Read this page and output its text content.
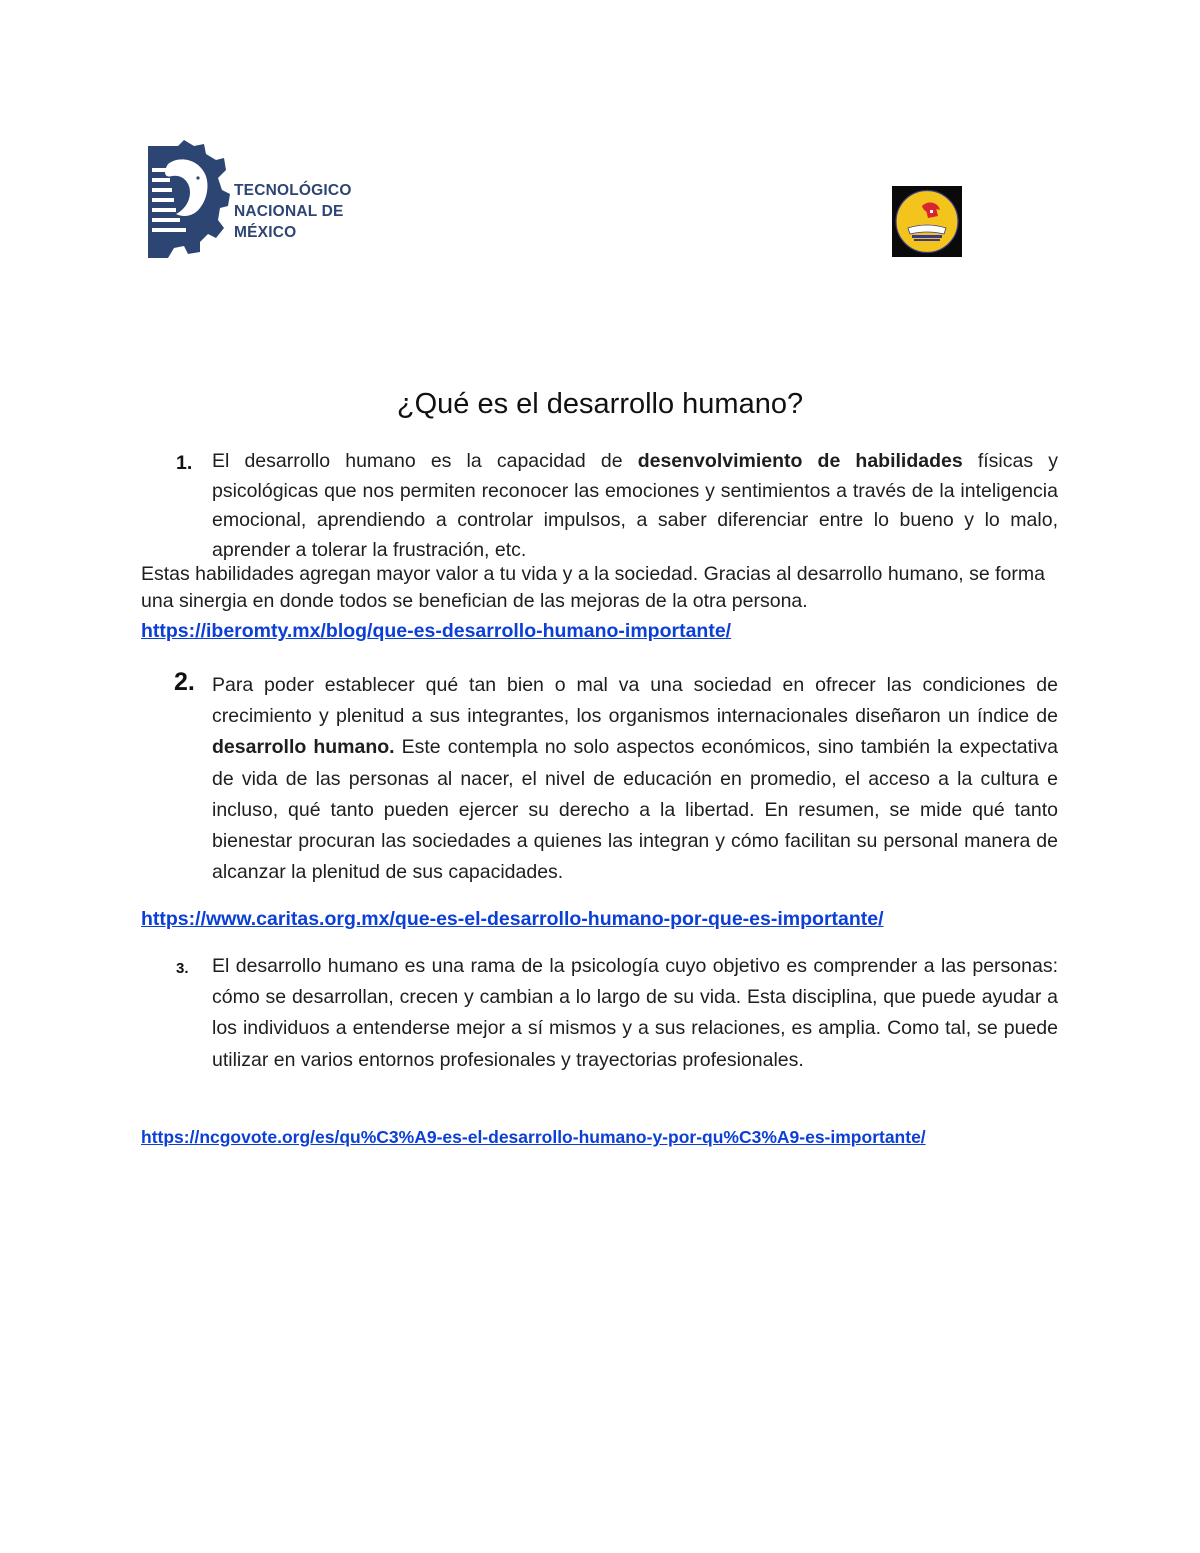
TECNOLÓGICO
NACIONAL DE MÉXICO
¿Qué es el desarrollo humano?
1. El desarrollo humano es la capacidad de desenvolvimiento de habilidades físicas y psicológicas que nos permiten reconocer las emociones y sentimientos a través de la inteligencia emocional, aprendiendo a controlar impulsos, a saber diferenciar entre lo bueno y lo malo, aprender a tolerar la frustración, etc.

Estas habilidades agregan mayor valor a tu vida y a la sociedad. Gracias al desarrollo humano, se forma una sinergia en donde todos se benefician de las mejoras de la otra persona.

https://iberomty.mx/blog/que-es-desarrollo-humano-importante/
2. Para poder establecer qué tan bien o mal va una sociedad en ofrecer las condiciones de crecimiento y plenitud a sus integrantes, los organismos internacionales diseñaron un índice de desarrollo humano. Este contempla no solo aspectos económicos, sino también la expectativa de vida de las personas al nacer, el nivel de educación en promedio, el acceso a la cultura e incluso, qué tanto pueden ejercer su derecho a la libertad. En resumen, se mide qué tanto bienestar procuran las sociedades a quienes las integran y cómo facilitan su personal manera de alcanzar la plenitud de sus capacidades.

https://www.caritas.org.mx/que-es-el-desarrollo-humano-por-que-es-importante/
3. El desarrollo humano es una rama de la psicología cuyo objetivo es comprender a las personas: cómo se desarrollan, crecen y cambian a lo largo de su vida. Esta disciplina, que puede ayudar a los individuos a entenderse mejor a sí mismos y a sus relaciones, es amplia. Como tal, se puede utilizar en varios entornos profesionales y trayectorias profesionales.

https://ncgovote.org/es/qu%C3%A9-es-el-desarrollo-humano-y-por-qu%C3%A9-es-importante/
